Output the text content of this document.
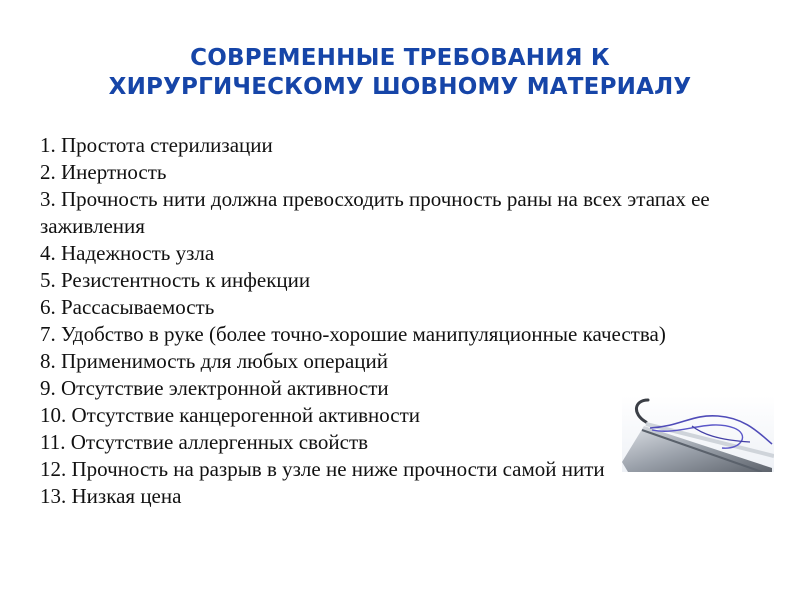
СОВРЕМЕННЫЕ ТРЕБОВАНИЯ К
ХИРУРГИЧЕСКОМУ ШОВНОМУ МАТЕРИАЛУ
1. Простота стерилизации
2. Инертность
3. Прочность нити должна превосходить прочность раны на всех этапах ее заживления
4. Надежность узла
5. Резистентность к инфекции
6. Рассасываемость
7. Удобство в руке (более точно-хорошие манипуляционные качества)
8. Применимость для любых операций
9. Отсутствие электронной активности
10. Отсутствие канцерогенной активности
11. Отсутствие аллергенных свойств
12. Прочность на разрыв в узле не ниже прочности самой нити
13. Низкая цена
